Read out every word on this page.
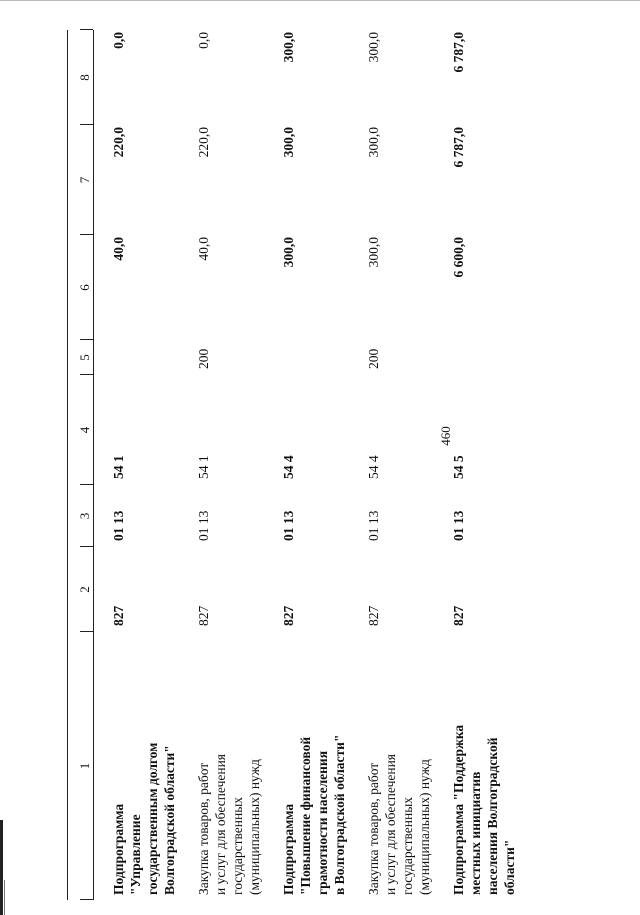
460
1
2
3
4
5
6
7
8
Подпрограмма
"Управление
государственным долгом
Волгоградской области"
827
01 13
54 1
40,0
220,0
0,0
Закупка товаров, работ
и услуг для обеспечения
государственных
(муниципальных) нужд
827
01 13
54 1
200
40,0
220,0
0,0
Подпрограмма
"Повышение финансовой
грамотности населения
в Волгоградской области"
827
01 13
54 4
300,0
300,0
300,0
Закупка товаров, работ
и услуг для обеспечения
государственных
(муниципальных) нужд
827
01 13
54 4
200
300,0
300,0
300,0
Подпрограмма "Поддержка
местных инициатив
населения Волгоградской
области"
827
01 13
54 5
6 600,0
6 787,0
6 787,0
